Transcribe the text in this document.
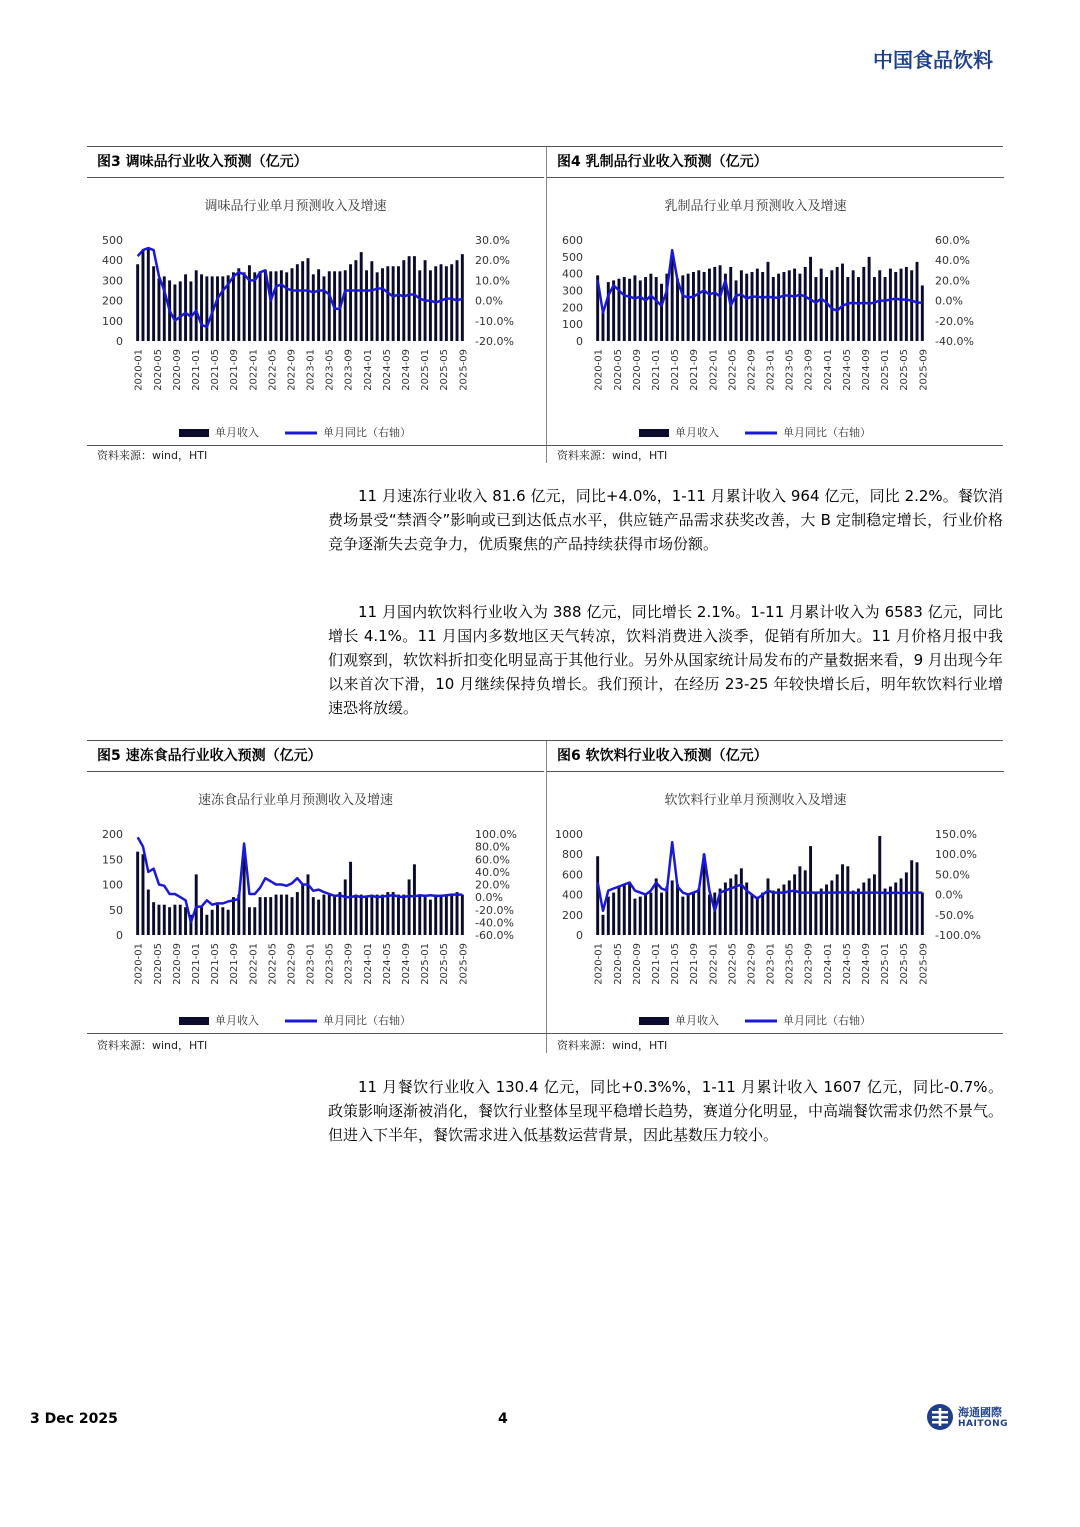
中国食品饮料
图3 调味品行业收入预测（亿元）
调味品行业单月预测收入及增速
0
100
200
300
400
500
-20.0%
-10.0%
0.0%
10.0%
20.0%
30.0%
2020-01 2020-05 2020-09 2021-01 2021-05 2021-09 2022-01 2022-05 2022-09 2023-01 2023-05 2023-09 2024-01 2024-05 2024-09 2025-01 2025-05 2025-09
单月收入	单月同比（右轴）
资料来源：wind，HTI
图4 乳制品行业收入预测（亿元）
乳制品行业单月预测收入及增速
0
100
200
300
400
500
600
-40.0%
-20.0%
0.0%
20.0%
40.0%
60.0%
2020-01 2020-05 2020-09 2021-01 2021-05 2021-09 2022-01 2022-05 2022-09 2023-01 2023-05 2023-09 2024-01 2024-05 2024-09 2025-01 2025-05 2025-09
单月收入	单月同比（右轴）
资料来源：wind，HTI

11 月速冻行业收入 81.6 亿元，同比+4.0%，1-11 月累计收入 964 亿元，同比 2.2%。餐饮消费场景受“禁酒令”影响或已到达低点水平，供应链产品需求获奖改善，大 B 定制稳定增长，行业价格竞争逐渐失去竞争力，优质聚焦的产品持续获得市场份额。

11 月国内软饮料行业收入为 388 亿元，同比增长 2.1%。1-11 月累计收入为 6583 亿元，同比增长 4.1%。11 月国内多数地区天气转凉，饮料消费进入淡季，促销有所加大。11 月价格月报中我们观察到，软饮料折扣变化明显高于其他行业。另外从国家统计局发布的产量数据来看，9 月出现今年以来首次下滑，10 月继续保持负增长。我们预计，在经历 23-25 年较快增长后，明年软饮料行业增速恐将放缓。

图5 速冻食品行业收入预测（亿元）
速冻食品行业单月预测收入及增速
0
50
100
150
200
-60.0%
-40.0%
-20.0%
0.0%
20.0%
40.0%
60.0%
80.0%
100.0%
2020-01 2020-05 2020-09 2021-01 2021-05 2021-09 2022-01 2022-05 2022-09 2023-01 2023-05 2023-09 2024-01 2024-05 2024-09 2025-01 2025-05 2025-09
单月收入	单月同比（右轴）
资料来源：wind，HTI
图6 软饮料行业收入预测（亿元）
软饮料行业单月预测收入及增速
0
200
400
600
800
1000
-100.0%
-50.0%
0.0%
50.0%
100.0%
150.0%
2020-01 2020-05 2020-09 2021-01 2021-05 2021-09 2022-01 2022-05 2022-09 2023-01 2023-05 2023-09 2024-01 2024-05 2024-09 2025-01 2025-05 2025-09
单月收入	单月同比（右轴）
资料来源：wind，HTI

11 月餐饮行业收入 130.4 亿元，同比+0.3%%，1-11 月累计收入 1607 亿元，同比-0.7%。政策影响逐渐被消化，餐饮行业整体呈现平稳增长趋势，赛道分化明显，中高端餐饮需求仍然不景气。但进入下半年，餐饮需求进入低基数运营背景，因此基数压力较小。

3 Dec 2025	4	海通國際
HAITONG
